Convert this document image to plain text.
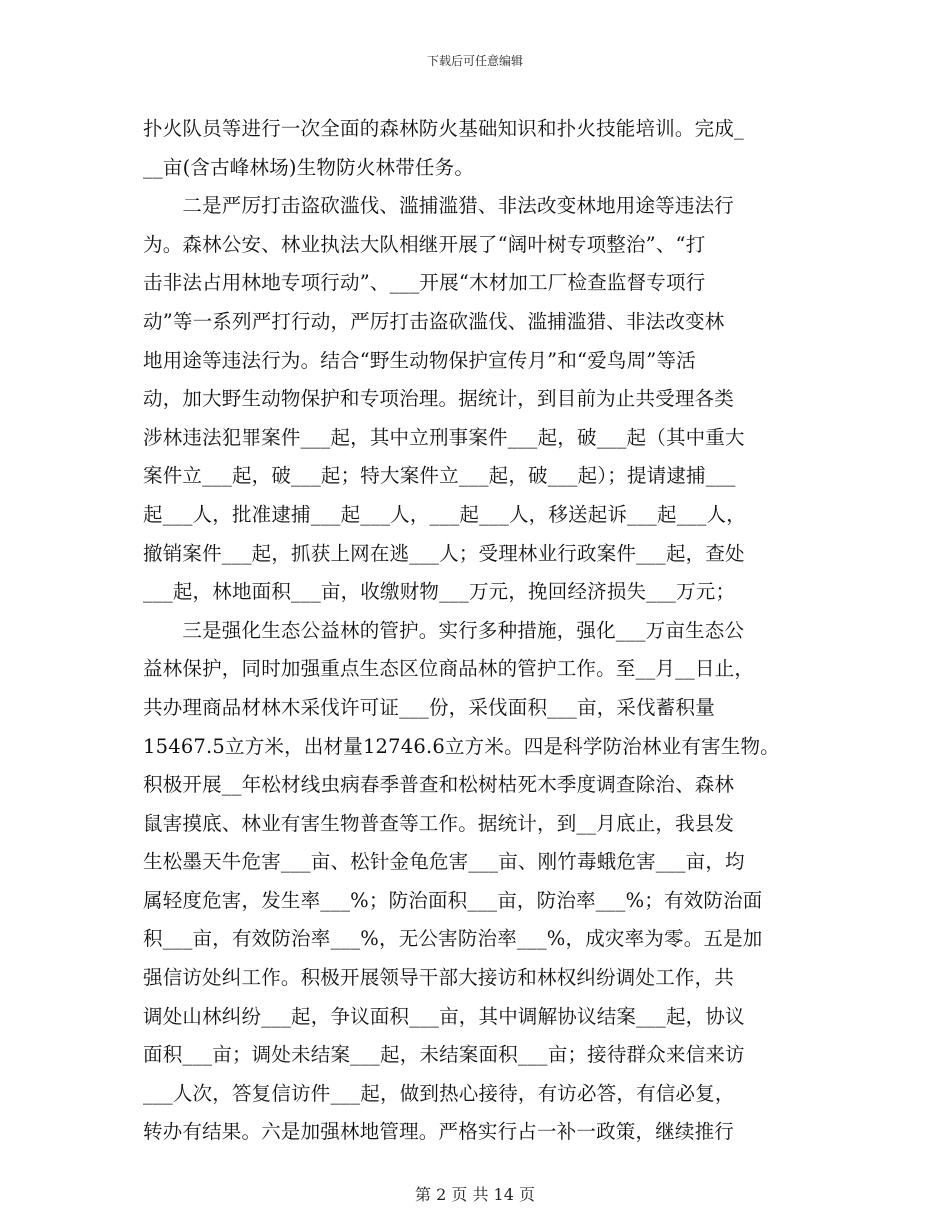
下载后可任意编辑
扑火队员等进行一次全面的森林防火基础知识和扑火技能培训。完成_
__亩(含古峰林场)生物防火林带任务。
　　二是严厉打击盗砍滥伐、滥捕滥猎、非法改变林地用途等违法行
为。森林公安、林业执法大队相继开展了“阔叶树专项整治”、“打
击非法占用林地专项行动”、___开展“木材加工厂检查监督专项行
动”等一系列严打行动，严厉打击盗砍滥伐、滥捕滥猎、非法改变林
地用途等违法行为。结合“野生动物保护宣传月”和“爱鸟周”等活
动，加大野生动物保护和专项治理。据统计，到目前为止共受理各类
涉林违法犯罪案件___起，其中立刑事案件___起，破___起（其中重大
案件立___起，破___起；特大案件立___起，破___起）；提请逮捕___
起___人，批准逮捕___起___人，___起___人，移送起诉___起___人，
撤销案件___起，抓获上网在逃___人；受理林业行政案件___起，查处
___起，林地面积___亩，收缴财物___万元，挽回经济损失___万元；
　　三是强化生态公益林的管护。实行多种措施，强化___万亩生态公
益林保护，同时加强重点生态区位商品林的管护工作。至__月__日止，
共办理商品材林木采伐许可证___份，采伐面积___亩，采伐蓄积量
15467.5立方米，出材量12746.6立方米。四是科学防治林业有害生物。
积极开展__年松材线虫病春季普查和松树枯死木季度调查除治、森林
鼠害摸底、林业有害生物普查等工作。据统计，到__月底止，我县发
生松墨天牛危害___亩、松针金龟危害___亩、刚竹毒蛾危害___亩，均
属轻度危害，发生率___%；防治面积___亩，防治率___%；有效防治面
积___亩，有效防治率___%，无公害防治率___%，成灾率为零。五是加
强信访处纠工作。积极开展领导干部大接访和林权纠纷调处工作，共
调处山林纠纷___起，争议面积___亩，其中调解协议结案___起，协议
面积___亩；调处未结案___起，未结案面积___亩；接待群众来信来访
___人次，答复信访件___起，做到热心接待，有访必答，有信必复，
转办有结果。六是加强林地管理。严格实行占一补一政策，继续推行
第 2 页 共 14 页
